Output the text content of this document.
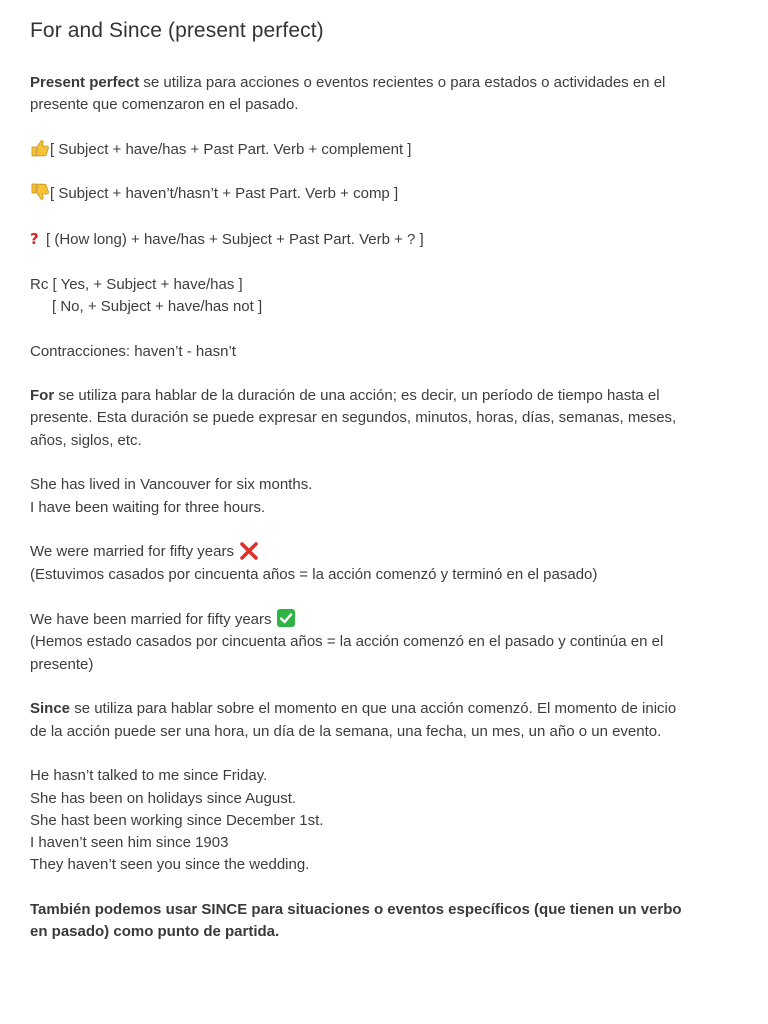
For and Since (present perfect)
Present perfect se utiliza para acciones o eventos recientes o para estados o actividades en el
presente que comenzaron en el pasado.
[ Subject + have/has + Past Part. Verb + complement ]
[ Subject + haven’t/hasn’t + Past Part. Verb + comp ]
? [ (How long) + have/has + Subject + Past Part. Verb + ? ]
Rc [ Yes, + Subject + have/has ]
[ No, + Subject + have/has not ]
Contracciones: haven’t - hasn’t
For se utiliza para hablar de la duración de una acción; es decir, un período de tiempo hasta el
presente. Esta duración se puede expresar en segundos, minutos, horas, días, semanas, meses,
años, siglos, etc.
She has lived in Vancouver for six months.
I have been waiting for three hours.
We were married for fifty years
(Estuvimos casados por cincuenta años = la acción comenzó y terminó en el pasado)
We have been married for fifty years
(Hemos estado casados por cincuenta años = la acción comenzó en el pasado y continúa en el
presente)
Since se utiliza para hablar sobre el momento en que una acción comenzó. El momento de inicio
de la acción puede ser una hora, un día de la semana, una fecha, un mes, un año o un evento.
He hasn’t talked to me since Friday.
She has been on holidays since August.
She hast been working since December 1st.
I haven’t seen him since 1903
They haven’t seen you since the wedding.
También podemos usar SINCE para situaciones o eventos específicos (que tienen un verbo
en pasado) como punto de partida.
